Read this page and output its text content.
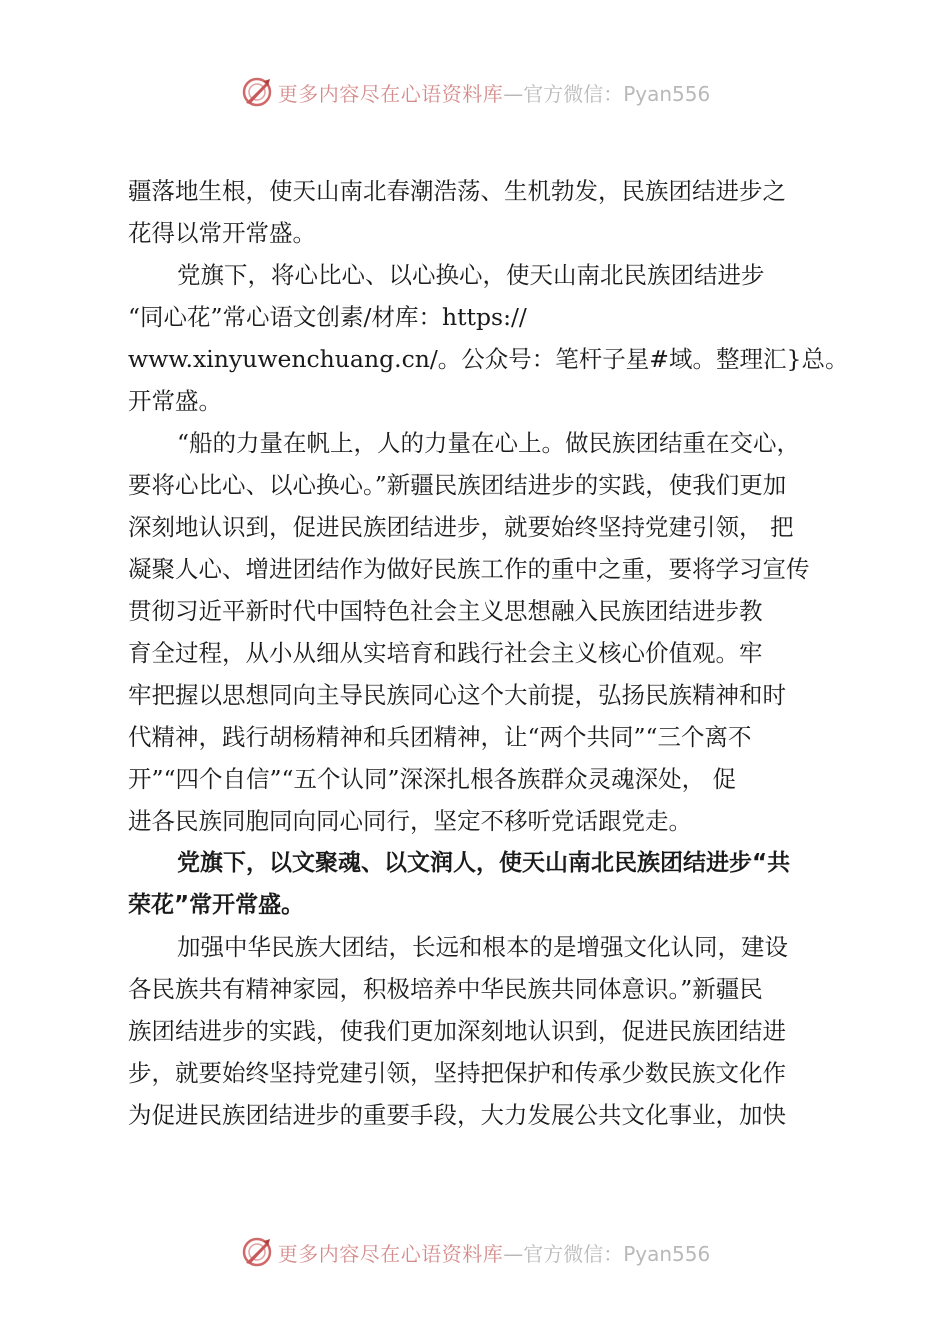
更多内容尽在心语资料库 —官方微信：Pyan556
疆落地生根，使天山南北春潮浩荡、生机勃发，民族团结进步之
花得以常开常盛。
党旗下，将心比心、以心换心，使天山南北民族团结进步
“同心花”常心语文创素/材库：https://
www.xinyuwenchuang.cn/。公众号：笔杆子星#域。整理汇}总。
开常盛。
“船的力量在帆上，人的力量在心上。做民族团结重在交心，
要将心比心、以心换心。”新疆民族团结进步的实践，使我们更加
深刻地认识到，促进民族团结进步，就要始终坚持党建引领， 把
凝聚人心、增进团结作为做好民族工作的重中之重，要将学习宣传
贯彻习近平新时代中国特色社会主义思想融入民族团结进步教
育全过程，从小从细从实培育和践行社会主义核心价值观。牢
牢把握以思想同向主导民族同心这个大前提，弘扬民族精神和时
代精神，践行胡杨精神和兵团精神，让“两个共同”“三个离不
开”“四个自信”“五个认同”深深扎根各族群众灵魂深处， 促
进各民族同胞同向同心同行，坚定不移听党话跟党走。
党旗下，以文聚魂、以文润人，使天山南北民族团结进步“共
荣花”常开常盛。
加强中华民族大团结，长远和根本的是增强文化认同，建设
各民族共有精神家园，积极培养中华民族共同体意识。”新疆民
族团结进步的实践，使我们更加深刻地认识到，促进民族团结进
步，就要始终坚持党建引领，坚持把保护和传承少数民族文化作
为促进民族团结进步的重要手段，大力发展公共文化事业，加快
更多内容尽在心语资料库 —官方微信：Pyan556
